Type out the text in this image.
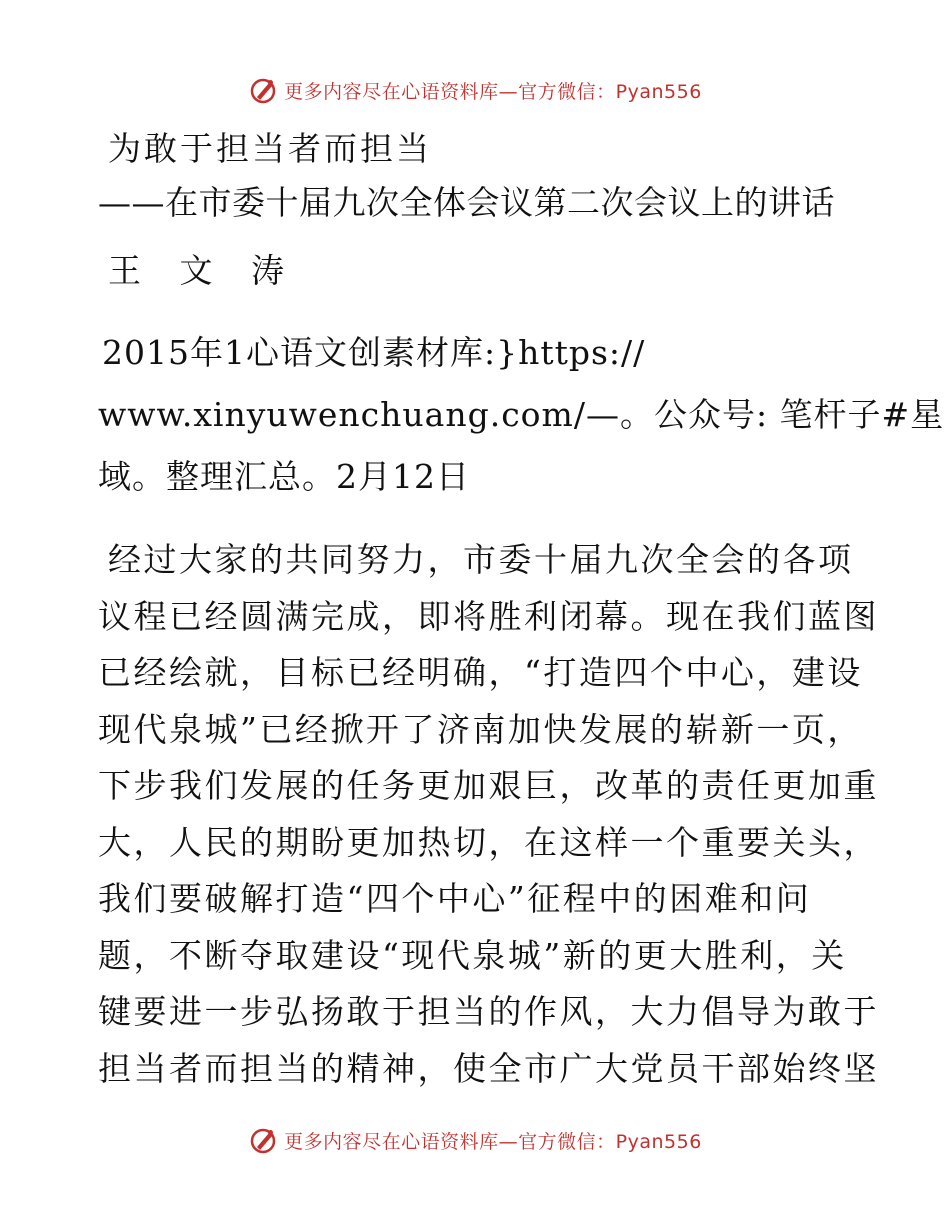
更多内容尽在心语资料库—官方微信：Pyan556
为敢于担当者而担当
——在市委十届九次全体会议第二次会议上的讲话
王 文 涛
2015年1心语文创素材库:}https://
www.xinyuwenchuang.com/—。公众号: 笔杆子#星
域。整理汇总。2月12日
经过大家的共同努力，市委十届九次全会的各项
议程已经圆满完成，即将胜利闭幕。现在我们蓝图
已经绘就，目标已经明确，“打造四个中心，建设
现代泉城”已经掀开了济南加快发展的崭新一页，
下步我们发展的任务更加艰巨，改革的责任更加重
大，人民的期盼更加热切，在这样一个重要关头，
我们要破解打造“四个中心”征程中的困难和问
题，不断夺取建设“现代泉城”新的更大胜利，关
键要进一步弘扬敢于担当的作风，大力倡导为敢于
担当者而担当的精神，使全市广大党员干部始终坚
更多内容尽在心语资料库—官方微信：Pyan556
